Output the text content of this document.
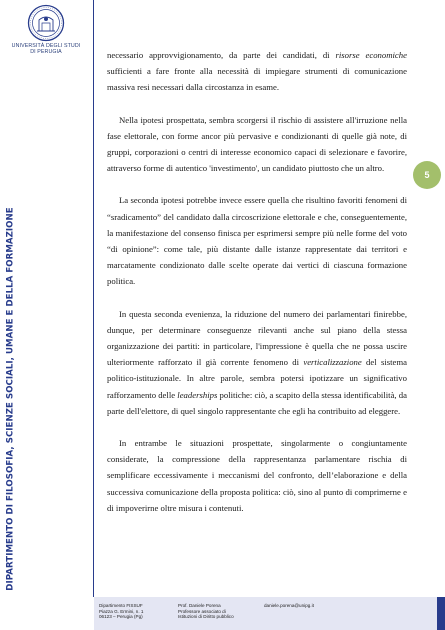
UNIVERSITÀ DEGLI STUDI
DI PERUGIA
DIPARTIMENTO DI FILOSOFIA, SCIENZE SOCIALI, UMANE E DELLA FORMAZIONE
5

necessario approvvigionamento, da parte dei candidati, di risorse economiche sufficienti a fare fronte alla necessità di impiegare strumenti di comunicazione massiva resi necessari dalla circostanza in esame.

Nella ipotesi prospettata, sembra scorgersi il rischio di assistere all'irruzione nella fase elettorale, con forme ancor più pervasive e condizionanti di quelle già note, di gruppi, corporazioni o centri di interesse economico capaci di selezionare e favorire, attraverso forme di autentico 'investimento', un candidato piuttosto che un altro.

La seconda ipotesi potrebbe invece essere quella che risultino favoriti fenomeni di “sradicamento” del candidato dalla circoscrizione elettorale e che, conseguentemente, la manifestazione del consenso finisca per esprimersi sempre più nelle forme del voto “di opinione”: come tale, più distante dalle istanze rappresentate dai territori e marcatamente condizionato dalle scelte operate dai vertici di ciascuna formazione politica.

In questa seconda evenienza, la riduzione del numero dei parlamentari finirebbe, dunque, per determinare conseguenze rilevanti anche sul piano della stessa organizzazione dei partiti: in particolare, l'impressione è quella che ne possa uscire ulteriormente rafforzato il già corrente fenomeno di verticalizzazione del sistema politico-istituzionale. In altre parole, sembra potersi ipotizzare un significativo rafforzamento delle leaderships politiche: ciò, a scapito della stessa identificabilità, da parte dell'elettore, di quel singolo rappresentante che egli ha contribuito ad eleggere.

In entrambe le situazioni prospettate, singolarmente o congiuntamente considerate, la compressione della rappresentanza parlamentare rischia di semplificare eccessivamente i meccanismi del confronto, dell’elaborazione e della successiva comunicazione della proposta politica: ciò, sino al punto di comprimerne e di impoverirne oltre misura i contenuti.

Dipartimento FISSUF
Piazza G. Ermini, n. 1
06123 – Perugia (Pg)
Prof. Daniele Porena
Professore associato di
Istituzioni di Diritto pubblico
daniele.porena@unipg.it
